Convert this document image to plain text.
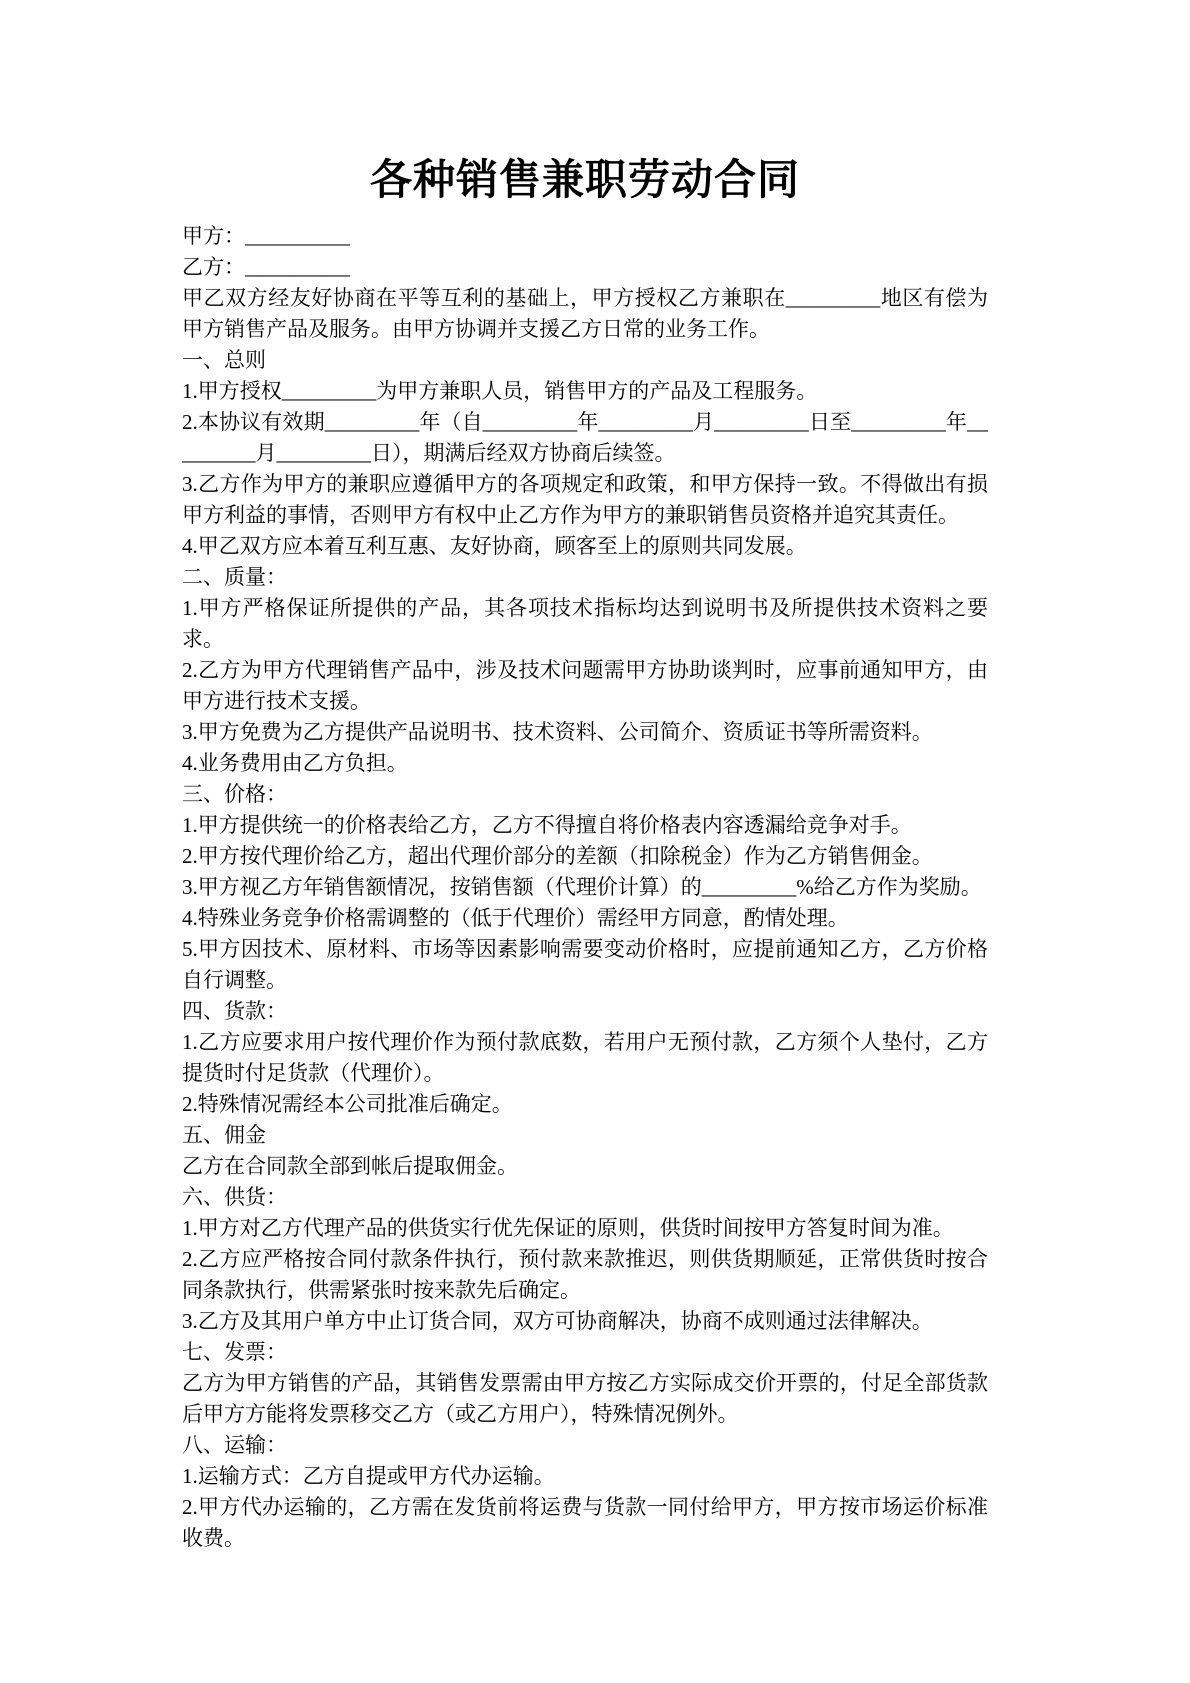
各种销售兼职劳动合同

甲方：__________

乙方：__________

甲乙双方经友好协商在平等互利的基础上，甲方授权乙方兼职在_________地区有偿为甲方销售产品及服务。由甲方协调并支援乙方日常的业务工作。

一、总则

1.甲方授权_________为甲方兼职人员，销售甲方的产品及工程服务。

2.本协议有效期_________年（自_________年_________月_________日至_________年_________月_________日），期满后经双方协商后续签。

3.乙方作为甲方的兼职应遵循甲方的各项规定和政策，和甲方保持一致。不得做出有损甲方利益的事情，否则甲方有权中止乙方作为甲方的兼职销售员资格并追究其责任。

4.甲乙双方应本着互利互惠、友好协商，顾客至上的原则共同发展。

二、质量：

1.甲方严格保证所提供的产品，其各项技术指标均达到说明书及所提供技术资料之要求。

2.乙方为甲方代理销售产品中，涉及技术问题需甲方协助谈判时，应事前通知甲方，由甲方进行技术支援。

3.甲方免费为乙方提供产品说明书、技术资料、公司简介、资质证书等所需资料。

4.业务费用由乙方负担。

三、价格：

1.甲方提供统一的价格表给乙方，乙方不得擅自将价格表内容透漏给竞争对手。

2.甲方按代理价给乙方，超出代理价部分的差额（扣除税金）作为乙方销售佣金。

3.甲方视乙方年销售额情况，按销售额（代理价计算）的_________%给乙方作为奖励。

4.特殊业务竞争价格需调整的（低于代理价）需经甲方同意，酌情处理。

5.甲方因技术、原材料、市场等因素影响需要变动价格时，应提前通知乙方，乙方价格自行调整。

四、货款：

1.乙方应要求用户按代理价作为预付款底数，若用户无预付款，乙方须个人垫付，乙方提货时付足货款（代理价）。

2.特殊情况需经本公司批准后确定。

五、佣金

乙方在合同款全部到帐后提取佣金。

六、供货：

1.甲方对乙方代理产品的供货实行优先保证的原则，供货时间按甲方答复时间为准。

2.乙方应严格按合同付款条件执行，预付款来款推迟，则供货期顺延，正常供货时按合同条款执行，供需紧张时按来款先后确定。

3.乙方及其用户单方中止订货合同，双方可协商解决，协商不成则通过法律解决。

七、发票：

乙方为甲方销售的产品，其销售发票需由甲方按乙方实际成交价开票的，付足全部货款后甲方方能将发票移交乙方（或乙方用户），特殊情况例外。

八、运输：

1.运输方式：乙方自提或甲方代办运输。

2.甲方代办运输的，乙方需在发货前将运费与货款一同付给甲方，甲方按市场运价标准收费。
